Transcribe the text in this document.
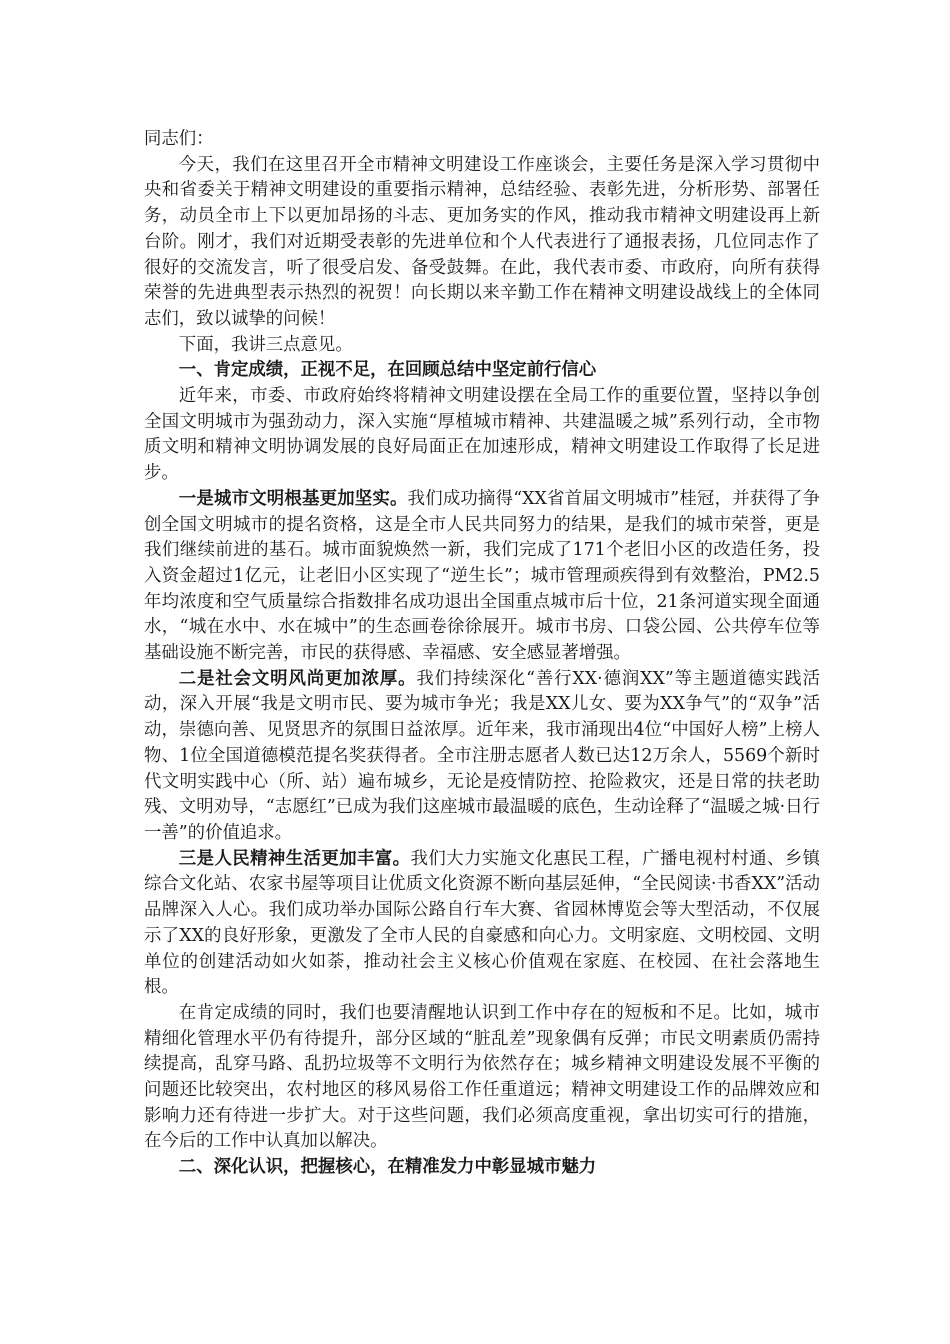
同志们：

今天，我们在这里召开全市精神文明建设工作座谈会，主要任务是深入学习贯彻中央和省委关于精神文明建设的重要指示精神，总结经验、表彰先进，分析形势、部署任务，动员全市上下以更加昂扬的斗志、更加务实的作风，推动我市精神文明建设再上新台阶。刚才，我们对近期受表彰的先进单位和个人代表进行了通报表扬，几位同志作了很好的交流发言，听了很受启发、备受鼓舞。在此，我代表市委、市政府，向所有获得荣誉的先进典型表示热烈的祝贺！向长期以来辛勤工作在精神文明建设战线上的全体同志们，致以诚挚的问候！

下面，我讲三点意见。

一、肯定成绩，正视不足，在回顾总结中坚定前行信心

近年来，市委、市政府始终将精神文明建设摆在全局工作的重要位置，坚持以争创全国文明城市为强劲动力，深入实施“厚植城市精神、共建温暖之城”系列行动，全市物质文明和精神文明协调发展的良好局面正在加速形成，精神文明建设工作取得了长足进步。

一是城市文明根基更加坚实。我们成功摘得“XX省首届文明城市”桂冠，并获得了争创全国文明城市的提名资格，这是全市人民共同努力的结果，是我们的城市荣誉，更是我们继续前进的基石。城市面貌焕然一新，我们完成了171个老旧小区的改造任务，投入资金超过1亿元，让老旧小区实现了“逆生长”；城市管理顽疾得到有效整治，PM2.5年均浓度和空气质量综合指数排名成功退出全国重点城市后十位，21条河道实现全面通水，“城在水中、水在城中”的生态画卷徐徐展开。城市书房、口袋公园、公共停车位等基础设施不断完善，市民的获得感、幸福感、安全感显著增强。

二是社会文明风尚更加浓厚。我们持续深化“善行XX·德润XX”等主题道德实践活动，深入开展“我是文明市民、要为城市争光；我是XX儿女、要为XX争气”的“双争”活动，崇德向善、见贤思齐的氛围日益浓厚。近年来，我市涌现出4位“中国好人榜”上榜人物、1位全国道德模范提名奖获得者。全市注册志愿者人数已达12万余人，5569个新时代文明实践中心（所、站）遍布城乡，无论是疫情防控、抢险救灾，还是日常的扶老助残、文明劝导，“志愿红”已成为我们这座城市最温暖的底色，生动诠释了“温暖之城·日行一善”的价值追求。

三是人民精神生活更加丰富。我们大力实施文化惠民工程，广播电视村村通、乡镇综合文化站、农家书屋等项目让优质文化资源不断向基层延伸，“全民阅读·书香XX”活动品牌深入人心。我们成功举办国际公路自行车大赛、省园林博览会等大型活动，不仅展示了XX的良好形象，更激发了全市人民的自豪感和向心力。文明家庭、文明校园、文明单位的创建活动如火如荼，推动社会主义核心价值观在家庭、在校园、在社会落地生根。

在肯定成绩的同时，我们也要清醒地认识到工作中存在的短板和不足。比如，城市精细化管理水平仍有待提升，部分区域的“脏乱差”现象偶有反弹；市民文明素质仍需持续提高，乱穿马路、乱扔垃圾等不文明行为依然存在；城乡精神文明建设发展不平衡的问题还比较突出，农村地区的移风易俗工作任重道远；精神文明建设工作的品牌效应和影响力还有待进一步扩大。对于这些问题，我们必须高度重视，拿出切实可行的措施，在今后的工作中认真加以解决。

二、深化认识，把握核心，在精准发力中彰显城市魅力
